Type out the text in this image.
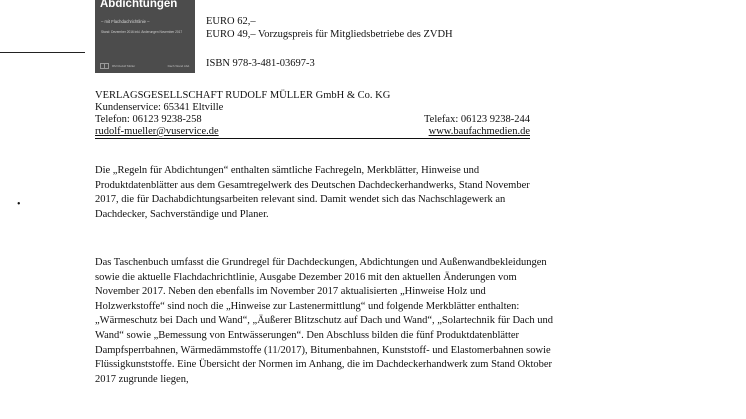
Abdichtungen
– mit Flachdachrichtlinie –
Stand: Dezember 2016 inkl. Änderungen November 2017
RM Rudolf Müller	Dach Wand Abd.
•
EURO 62,–
EURO 49,– Vorzugspreis für Mitgliedsbetriebe des ZVDH
ISBN 978-3-481-03697-3
VERLAGSGESELLSCHAFT RUDOLF MÜLLER GmbH & Co. KG
Kundenservice: 65341 Eltville
Telefon: 06123 9238-258	Telefax: 06123 9238-244
rudolf-mueller@vuservice.de	www.baufachmedien.de

Die „Regeln für Abdichtungen“ enthalten sämtliche Fachregeln, Merkblätter, Hinweise und Produktdatenblätter aus dem Gesamtregelwerk des Deutschen Dachdeckerhandwerks, Stand November 2017, die für Dachabdichtungsarbeiten relevant sind. Damit wendet sich das Nachschlagewerk an Dachdecker, Sachverständige und Planer.

Das Taschenbuch umfasst die Grundregel für Dachdeckungen, Abdichtungen und Außenwandbekleidungen sowie die aktuelle Flachdachrichtlinie, Ausgabe Dezember 2016 mit den aktuellen Änderungen vom November 2017. Neben den ebenfalls im November 2017 aktualisierten „Hinweise Holz und Holzwerkstoffe“ sind noch die „Hinweise zur Lastenermittlung“ und folgende Merkblätter enthalten: „Wärmeschutz bei Dach und Wand“, „Äußerer Blitzschutz auf Dach und Wand“, „Solartechnik für Dach und Wand“ sowie „Bemessung von Entwässerungen“. Den Abschluss bilden die fünf Produktdatenblätter Dampfsperrbahnen, Wärmedämmstoffe (11/2017), Bitumenbahnen, Kunststoff- und Elastomerbahnen sowie Flüssigkunststoffe. Eine Übersicht der Normen im Anhang, die im Dachdeckerhandwerk zum Stand Oktober 2017 zugrunde liegen,
